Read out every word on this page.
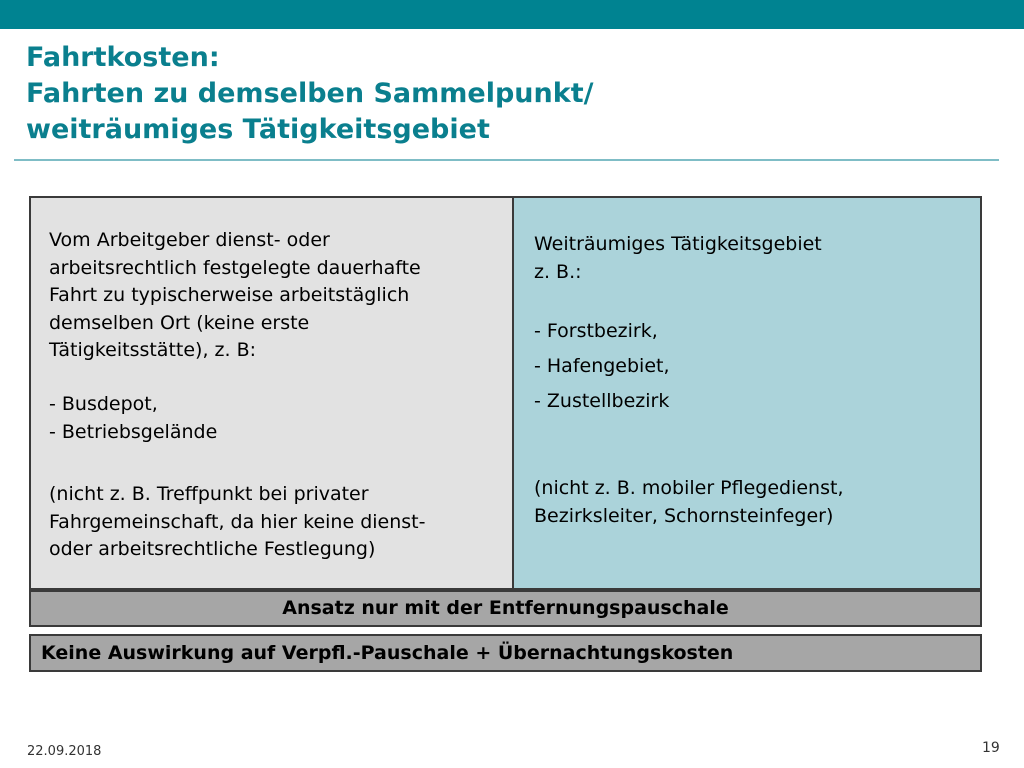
Fahrtkosten:
Fahrten zu demselben Sammelpunkt/
weiträumiges Tätigkeitsgebiet
Vom Arbeitgeber dienst- oder
arbeitsrechtlich festgelegte dauerhafte
Fahrt zu typischerweise arbeitstäglich
demselben Ort (keine erste
Tätigkeitsstätte), z. B:
- Busdepot,
- Betriebsgelände
(nicht z. B. Treffpunkt bei privater
Fahrgemeinschaft, da hier keine dienst-
oder arbeitsrechtliche Festlegung)
Weiträumiges Tätigkeitsgebiet
z. B.:
- Forstbezirk,
- Hafengebiet,
- Zustellbezirk
(nicht z. B. mobiler Pflegedienst,
Bezirksleiter, Schornsteinfeger)
Ansatz nur mit der Entfernungspauschale
Keine Auswirkung auf Verpfl.-Pauschale + Übernachtungskosten
22.09.2018	19
